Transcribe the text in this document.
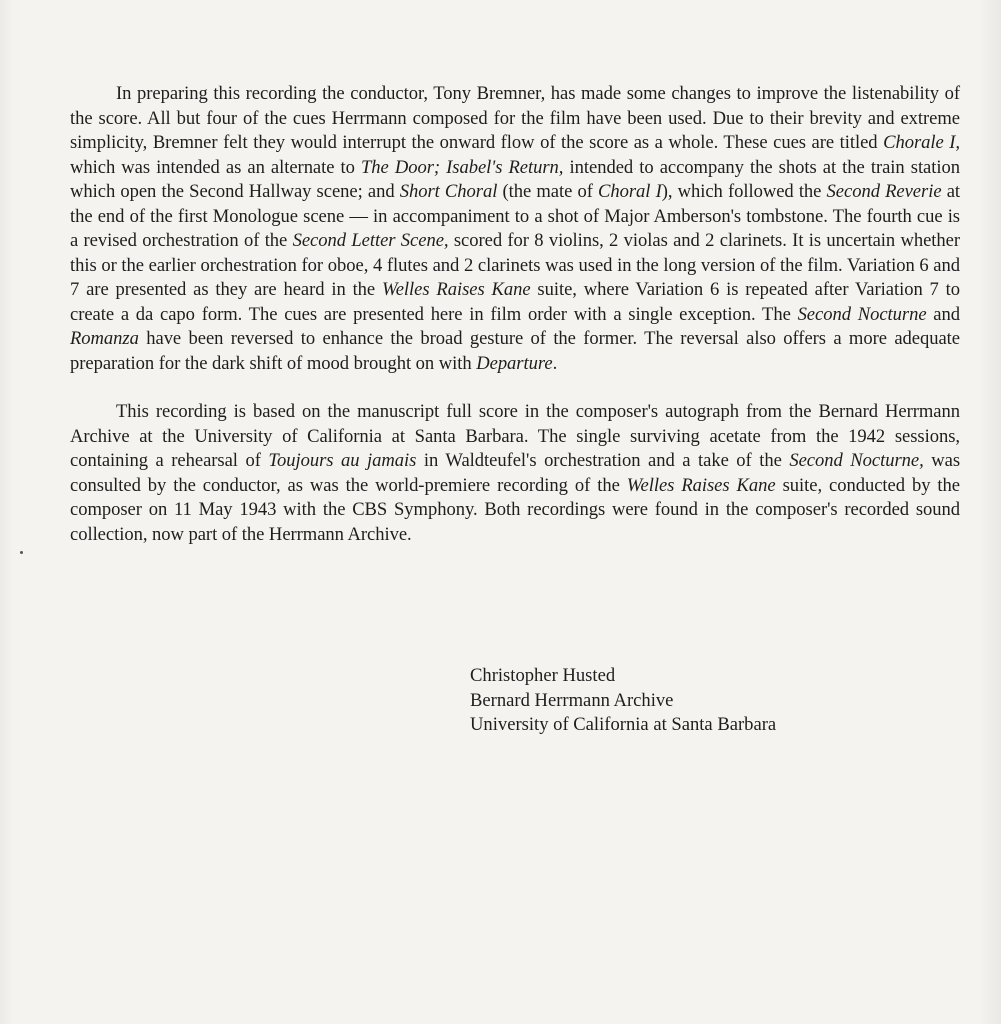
In preparing this recording the conductor, Tony Bremner, has made some changes to improve the listenability of the score. All but four of the cues Herrmann composed for the film have been used. Due to their brevity and extreme simplicity, Bremner felt they would interrupt the onward flow of the score as a whole. These cues are titled Chorale I, which was intended as an alternate to The Door; Isabel's Return, intended to accompany the shots at the train station which open the Second Hallway scene; and Short Choral (the mate of Choral I), which followed the Second Reverie at the end of the first Monologue scene — in accompaniment to a shot of Major Amberson's tombstone. The fourth cue is a revised orchestration of the Second Letter Scene, scored for 8 violins, 2 violas and 2 clarinets. It is uncertain whether this or the earlier orchestration for oboe, 4 flutes and 2 clarinets was used in the long version of the film. Variation 6 and 7 are presented as they are heard in the Welles Raises Kane suite, where Variation 6 is repeated after Variation 7 to create a da capo form. The cues are presented here in film order with a single exception. The Second Nocturne and Romanza have been reversed to enhance the broad gesture of the former. The reversal also offers a more adequate preparation for the dark shift of mood brought on with Departure.

This recording is based on the manuscript full score in the composer's autograph from the Bernard Herrmann Archive at the University of California at Santa Barbara. The single surviving acetate from the 1942 sessions, containing a rehearsal of Toujours au jamais in Waldteufel's orchestration and a take of the Second Nocturne, was consulted by the conductor, as was the world-premiere recording of the Welles Raises Kane suite, conducted by the composer on 11 May 1943 with the CBS Symphony. Both recordings were found in the composer's recorded sound collection, now part of the Herrmann Archive.

Christopher Husted
Bernard Herrmann Archive
University of California at Santa Barbara
